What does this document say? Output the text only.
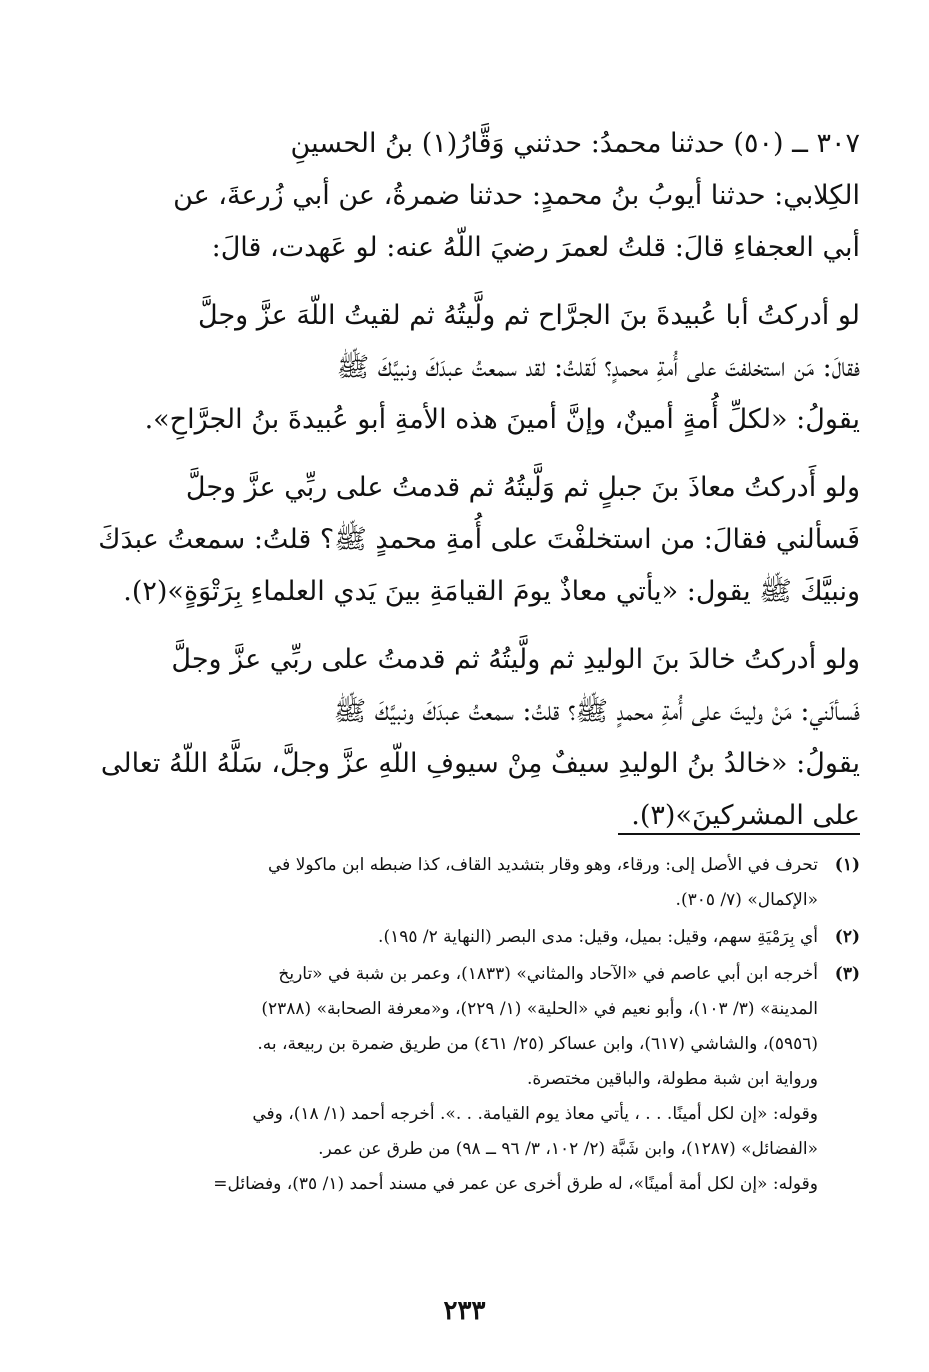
٣٠٧ ــ (٥٠) حدثنا محمدُ: حدثني وَقَّارُ(١) بنُ الحسينِ
الكِلابي: حدثنا أيوبُ بنُ محمدٍ: حدثنا ضمرةُ، عن أبي زُرعةَ، عن
أبي العجفاءِ قالَ: قلتُ لعمرَ رضيَ اللّهُ عنه: لو عَهدت، قالَ:
لو أدركتُ أبا عُبيدةَ بنَ الجرَّاح ثم ولَّيتُهُ ثم لقيتُ اللّهَ عزَّ وجلَّ
فقالَ: مَن استخلفتَ على أُمةِ محمدٍ؟ لَقلتُ: لقد سمعتُ عبدَكَ ونبيَّكَ ﷺ
يقولُ: «لكلِّ أُمةٍ أمينٌ، وإنَّ أمينَ هذه الأمةِ أبو عُبيدةَ بنُ الجرَّاحِ».
ولو أَدركتُ معاذَ بنَ جبلٍ ثم وَلَّيتُهُ ثم قدمتُ على ربِّي عزَّ وجلَّ
فَسألني فقالَ: من استخلفْتَ على أُمةِ محمدٍ ﷺ؟ قلتُ: سمعتُ عبدَكَ
ونبيَّكَ ﷺ يقول: «يأتي معاذٌ يومَ القيامَةِ بينَ يَدي العلماءِ بِرَتْوَةٍ»(٢).
ولو أدركتُ خالدَ بنَ الوليدِ ثم ولَّيتُهُ ثم قدمتُ على ربِّي عزَّ وجلَّ
فَسألَني: مَنْ وليتَ على أُمةِ محمدٍ ﷺ؟ قلتُ: سمعتُ عبدَكَ ونبيَّكَ ﷺ
يقولُ: «خالدُ بنُ الوليدِ سيفٌ مِنْ سيوفِ اللّهِ عزَّ وجلَّ، سَلَّهُ اللّهُ تعالى
على المشركينَ»(٣).
(١)
تحرف في الأصل إلى: ورقاء، وهو وقار بتشديد القاف، كذا ضبطه ابن ماكولا في
«الإكمال» (٧/ ٣٠٥).
(٢)
أي بِرَمْيَةِ سهم، وقيل: بميل، وقيل: مدى البصر (النهاية ٢/ ١٩٥).
(٣)
أخرجه ابن أبي عاصم في «الآحاد والمثاني» (١٨٣٣)، وعمر بن شبة في «تاريخ
المدينة» (٣/ ١٠٣)، وأبو نعيم في «الحلية» (١/ ٢٢٩)، و«معرفة الصحابة» (٢٣٨٨)
(٥٩٥٦)، والشاشي (٦١٧)، وابن عساكر (٢٥/ ٤٦١) من طريق ضمرة بن ربيعة، به.
ورواية ابن شبة مطولة، والباقين مختصرة.
وقوله: «إن لكل أمينًا. . . ، يأتي معاذ يوم القيامة. . .». أخرجه أحمد (١/ ١٨)، وفي
«الفضائل» (١٢٨٧)، وابن شَبَّة (٢/ ١٠٢، ٣/ ٩٦ ــ ٩٨) من طرق عن عمر.
وقوله: «إن لكل أمة أمينًا»، له طرق أخرى عن عمر في مسند أحمد (١/ ٣٥)، وفضائل=
٢٣٣
